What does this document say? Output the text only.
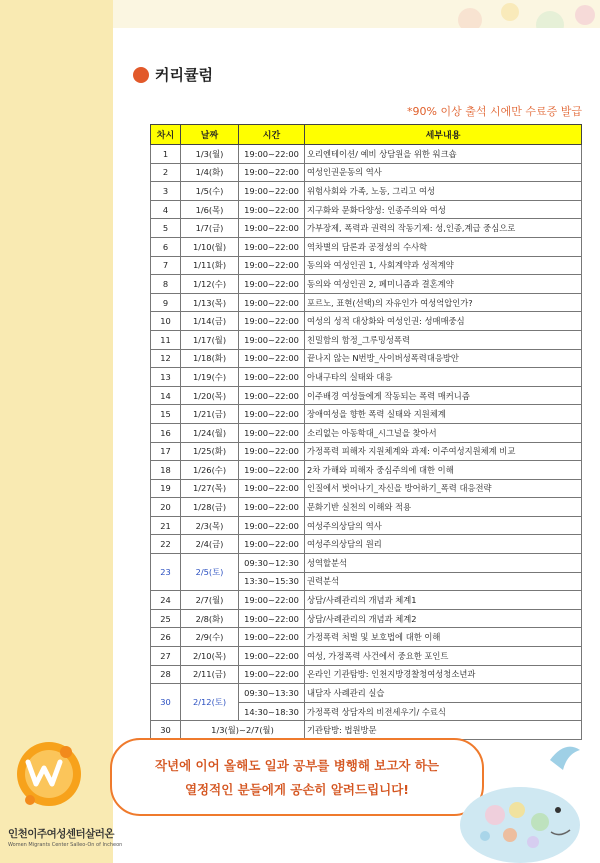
커리큘럼
*90% 이상 출석 시에만 수료증 발급
차시	날짜	시간	세부내용
1	1/3(월)	19:00~22:00	오리엔테이션/ 예비 상담원을 위한 워크숍
2	1/4(화)	19:00~22:00	여성인권운동의 역사
3	1/5(수)	19:00~22:00	위험사회와 가족, 노동, 그리고 여성
4	1/6(목)	19:00~22:00	지구화와 문화다양성: 인종주의와 여성
5	1/7(금)	19:00~22:00	가부장제, 폭력과 권력의 작동기제: 성,인종,계급 중심으로
6	1/10(월)	19:00~22:00	역차별의 담론과 공정성의 수사학
7	1/11(화)	19:00~22:00	동의와 여성인권 1, 사회계약과 성적계약
8	1/12(수)	19:00~22:00	동의와 여성인권 2, 페미니즘과 결혼계약
9	1/13(목)	19:00~22:00	포르노, 표현(선택)의 자유인가 여성억압인가?
10	1/14(금)	19:00~22:00	여성의 성적 대상화와 여성인권: 성매매중심
11	1/17(월)	19:00~22:00	친밀함의 함정_그루밍성폭력
12	1/18(화)	19:00~22:00	끝나지 않는 N번방_사이버성폭력대응방안
13	1/19(수)	19:00~22:00	아내구타의 실태와 대응
14	1/20(목)	19:00~22:00	이주배경 여성들에게 작동되는 폭력 매커니즘
15	1/21(금)	19:00~22:00	장애여성을 향한 폭력 실태와 지원체계
16	1/24(월)	19:00~22:00	소리없는 아동학대_시그널을 찾아서
17	1/25(화)	19:00~22:00	가정폭력 피해자 지원체계와 과제: 이주여성지원체계 비교
18	1/26(수)	19:00~22:00	2차 가해와 피해자 중심주의에 대한 이해
19	1/27(목)	19:00~22:00	인질에서 벗어나기_자신을 방어하기_폭력 대응전략
20	1/28(금)	19:00~22:00	문화기반 실천의 이해와 적용
21	2/3(목)	19:00~22:00	여성주의상담의 역사
22	2/4(금)	19:00~22:00	여성주의상담의 원리
23	2/5(토)	09:30~12:30	성역할분석
		13:30~15:30	권력분석
24	2/7(월)	19:00~22:00	상담/사례관리의 개념과 체계1
25	2/8(화)	19:00~22:00	상담/사례관리의 개념과 체계2
26	2/9(수)	19:00~22:00	가정폭력 처벌 및 보호법에 대한 이해
27	2/10(목)	19:00~22:00	여성, 가정폭력 사건에서 중요한 포인트
28	2/11(금)	19:00~22:00	온라인 기관탐방: 인천지방경찰청여성청소년과
30	2/12(토)	09:30~13:30	내담자 사례관리 실습
		14:30~18:30	가정폭력 상담자의 비전세우기/ 수료식
30	1/3(월)~2/7(월)		기관탐방: 법원방문
인천이주여성센터살러온
Women Migrants Center Salleo-On of Incheon
작년에 이어 올해도 일과 공부를 병행해 보고자 하는
열정적인 분들에게 공손히 알려드립니다!
